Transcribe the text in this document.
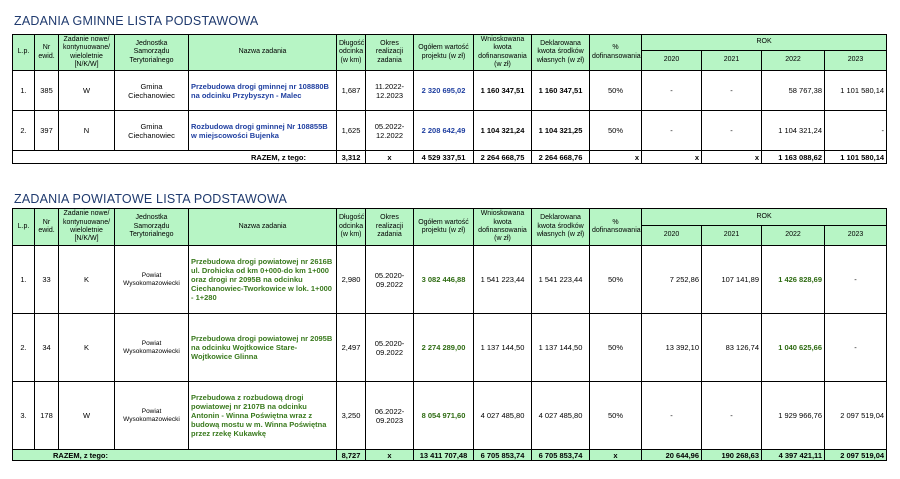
ZADANIA GMINNE LISTA PODSTAWOWA
L.p.	Nr ewid.	Zadanie nowe/ kontynuowane/ wieloletnie [N/K/W]	Jednostka Samorządu Terytorialnego	Nazwa zadania	Długość odcinka (w km)	Okres realizacji zadania	Ogółem wartość projektu (w zł)	Wnioskowana kwota dofinansowania (w zł)	Deklarowana kwota środków własnych (w zł)	% dofinansowania	ROK			
											2020	2021	2022	2023
1.	385	W	Gmina Ciechanowiec	Przebudowa drogi gminnej nr 108880B na odcinku Przybyszyn - Malec	1,687	11.2022- 12.2023	2 320 695,02	1 160 347,51	1 160 347,51	50%	-	-	58 767,38	1 101 580,14
2.	397	N	Gmina Ciechanowiec	Rozbudowa drogi gminnej Nr 108855B w miejscowości Bujenka	1,625	05.2022- 12.2022	2 208 642,49	1 104 321,24	1 104 321,25	50%	-	-	1 104 321,24	-
RAZEM, z tego:					3,312	x	4 529 337,51	2 264 668,75	2 264 668,76	x	x	x	1 163 088,62	1 101 580,14
ZADANIA POWIATOWE LISTA PODSTAWOWA
L.p.	Nr ewid.	Zadanie nowe/ kontynuowane/ wieloletnie [N/K/W]	Jednostka Samorządu Terytorialnego	Nazwa zadania	Długość odcinka (w km)	Okres realizacji zadania	Ogółem wartość projektu (w zł)	Wnioskowana kwota dofinansowania (w zł)	Deklarowana kwota środków własnych (w zł)	% dofinansowania	ROK			
											2020	2021	2022	2023
1.	33	K	Powiat Wysokomazowiecki	Przebudowa drogi powiatowej nr 2616B ul. Drohicka od km 0+000-do km 1+000 oraz drogi nr 2095B na odcinku Ciechanowiec-Tworkowice w lok. 1+000 - 1+280	2,980	05.2020- 09.2022	3 082 446,88	1 541 223,44	1 541 223,44	50%	7 252,86	107 141,89	1 426 828,69	-
2.	34	K	Powiat Wysokomazowiecki	Przebudowa drogi powiatowej nr 2095B na odcinku Wojtkowice Stare-Wojtkowice Glinna	2,497	05.2020- 09.2022	2 274 289,00	1 137 144,50	1 137 144,50	50%	13 392,10	83 126,74	1 040 625,66	-
3.	178	W	Powiat Wysokomazowiecki	Przebudowa z rozbudową drogi powiatowej nr 2107B na odcinku Antonin - Winna Poświętna wraz z budową mostu w m. Winna Poświętna przez rzekę Kukawkę	3,250	06.2022- 09.2023	8 054 971,60	4 027 485,80	4 027 485,80	50%	-	-	1 929 966,76	2 097 519,04
RAZEM, z tego:					8,727	x	13 411 707,48	6 705 853,74	6 705 853,74	x	20 644,96	190 268,63	4 397 421,11	2 097 519,04
